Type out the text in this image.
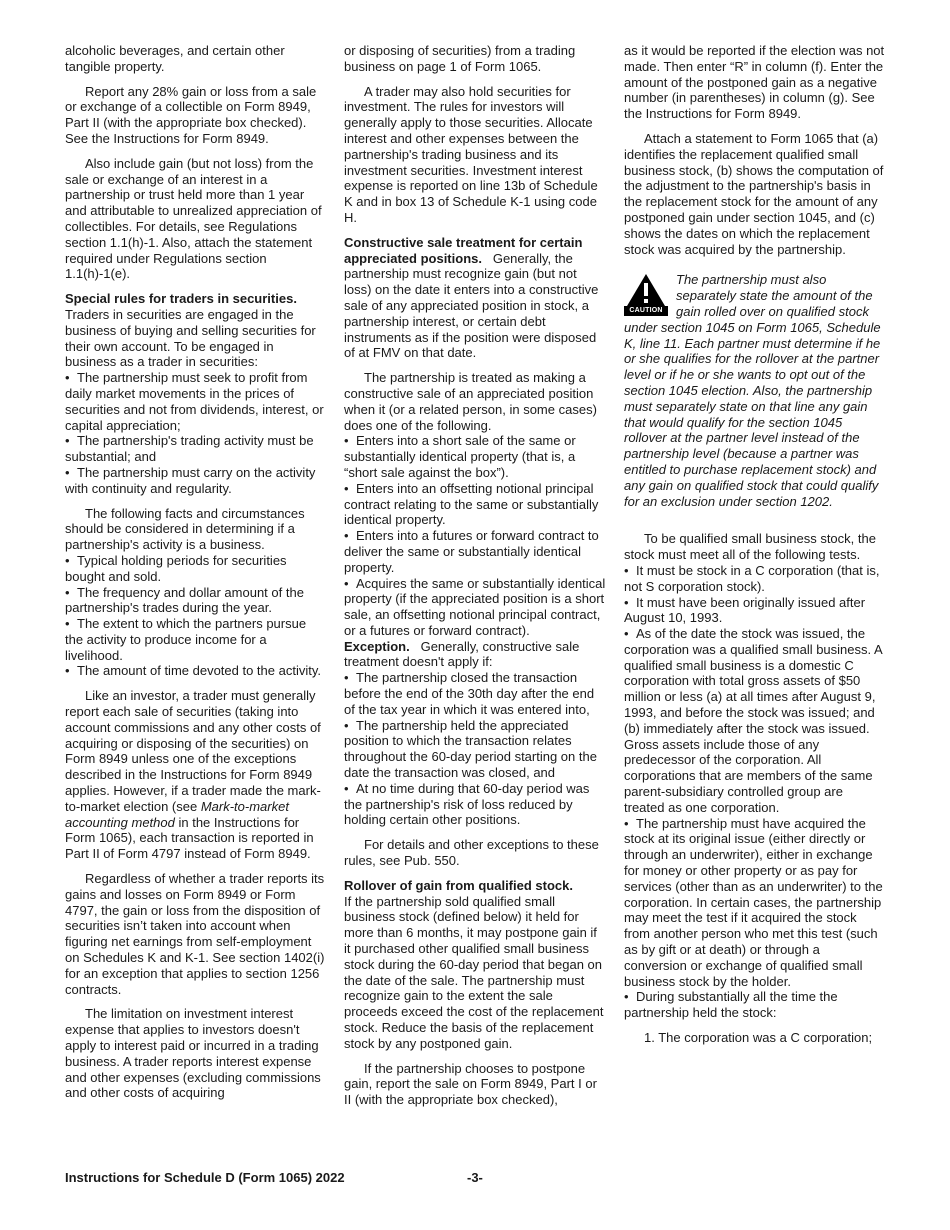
alcoholic beverages, and certain other tangible property.

Report any 28% gain or loss from a sale or exchange of a collectible on Form 8949, Part II (with the appropriate box checked). See the Instructions for Form 8949.

Also include gain (but not loss) from the sale or exchange of an interest in a partnership or trust held more than 1 year and attributable to unrealized appreciation of collectibles. For details, see Regulations section 1.1(h)-1. Also, attach the statement required under Regulations section 1.1(h)-1(e).

Special rules for traders in securities.
Traders in securities are engaged in the business of buying and selling securities for their own account. To be engaged in business as a trader in securities:

• The partnership must seek to profit from daily market movements in the prices of securities and not from dividends, interest, or capital appreciation;
• The partnership's trading activity must be substantial; and
• The partnership must carry on the activity with continuity and regularity.

The following facts and circumstances should be considered in determining if a partnership's activity is a business.

• Typical holding periods for securities bought and sold.
• The frequency and dollar amount of the partnership's trades during the year.
• The extent to which the partners pursue the activity to produce income for a livelihood.
• The amount of time devoted to the activity.

Like an investor, a trader must generally report each sale of securities (taking into account commissions and any other costs of acquiring or disposing of the securities) on Form 8949 unless one of the exceptions described in the Instructions for Form 8949 applies. However, if a trader made the mark-to-market election (see Mark-to-market accounting method in the Instructions for Form 1065), each transaction is reported in Part II of Form 4797 instead of Form 8949.

Regardless of whether a trader reports its gains and losses on Form 8949 or Form 4797, the gain or loss from the disposition of securities isn’t taken into account when figuring net earnings from self-employment on Schedules K and K-1. See section 1402(i) for an exception that applies to section 1256 contracts.

The limitation on investment interest expense that applies to investors doesn't apply to interest paid or incurred in a trading business. A trader reports interest expense and other expenses (excluding commissions and other costs of acquiring

or disposing of securities) from a trading business on page 1 of Form 1065.

A trader may also hold securities for investment. The rules for investors will generally apply to those securities. Allocate interest and other expenses between the partnership's trading business and its investment securities. Investment interest expense is reported on line 13b of Schedule K and in box 13 of Schedule K-1 using code H.

Constructive sale treatment for certain appreciated positions. Generally, the partnership must recognize gain (but not loss) on the date it enters into a constructive sale of any appreciated position in stock, a partnership interest, or certain debt instruments as if the position were disposed of at FMV on that date.

The partnership is treated as making a constructive sale of an appreciated position when it (or a related person, in some cases) does one of the following.

• Enters into a short sale of the same or substantially identical property (that is, a “short sale against the box”).
• Enters into an offsetting notional principal contract relating to the same or substantially identical property.
• Enters into a futures or forward contract to deliver the same or substantially identical property.
• Acquires the same or substantially identical property (if the appreciated position is a short sale, an offsetting notional principal contract, or a futures or forward contract).

Exception. Generally, constructive sale treatment doesn't apply if:

• The partnership closed the transaction before the end of the 30th day after the end of the tax year in which it was entered into,
• The partnership held the appreciated position to which the transaction relates throughout the 60-day period starting on the date the transaction was closed, and
• At no time during that 60-day period was the partnership's risk of loss reduced by holding certain other positions.

For details and other exceptions to these rules, see Pub. 550.

Rollover of gain from qualified stock.
If the partnership sold qualified small business stock (defined below) it held for more than 6 months, it may postpone gain if it purchased other qualified small business stock during the 60-day period that began on the date of the sale. The partnership must recognize gain to the extent the sale proceeds exceed the cost of the replacement stock. Reduce the basis of the replacement stock by any postponed gain.

If the partnership chooses to postpone gain, report the sale on Form 8949, Part I or II (with the appropriate box checked),

as it would be reported if the election was not made. Then enter “R” in column (f). Enter the amount of the postponed gain as a negative number (in parentheses) in column (g). See the Instructions for Form 8949.

Attach a statement to Form 1065 that (a) identifies the replacement qualified small business stock, (b) shows the computation of the adjustment to the partnership's basis in the replacement stock for the amount of any postponed gain under section 1045, and (c) shows the dates on which the replacement stock was acquired by the partnership.

CAUTION
The partnership must also separately state the amount of the gain rolled over on qualified stock under section 1045 on Form 1065, Schedule K, line 11. Each partner must determine if he or she qualifies for the rollover at the partner level or if he or she wants to opt out of the section 1045 election. Also, the partnership must separately state on that line any gain that would qualify for the section 1045 rollover at the partner level instead of the partnership level (because a partner was entitled to purchase replacement stock) and any gain on qualified stock that could qualify for an exclusion under section 1202.

To be qualified small business stock, the stock must meet all of the following tests.

• It must be stock in a C corporation (that is, not S corporation stock).
• It must have been originally issued after August 10, 1993.
• As of the date the stock was issued, the corporation was a qualified small business. A qualified small business is a domestic C corporation with total gross assets of $50 million or less (a) at all times after August 9, 1993, and before the stock was issued; and (b) immediately after the stock was issued. Gross assets include those of any predecessor of the corporation. All corporations that are members of the same parent-subsidiary controlled group are treated as one corporation.
• The partnership must have acquired the stock at its original issue (either directly or through an underwriter), either in exchange for money or other property or as pay for services (other than as an underwriter) to the corporation. In certain cases, the partnership may meet the test if it acquired the stock from another person who met this test (such as by gift or at death) or through a conversion or exchange of qualified small business stock by the holder.
• During substantially all the time the partnership held the stock:

1. The corporation was a C corporation;

Instructions for Schedule D (Form 1065) 2022	-3-
